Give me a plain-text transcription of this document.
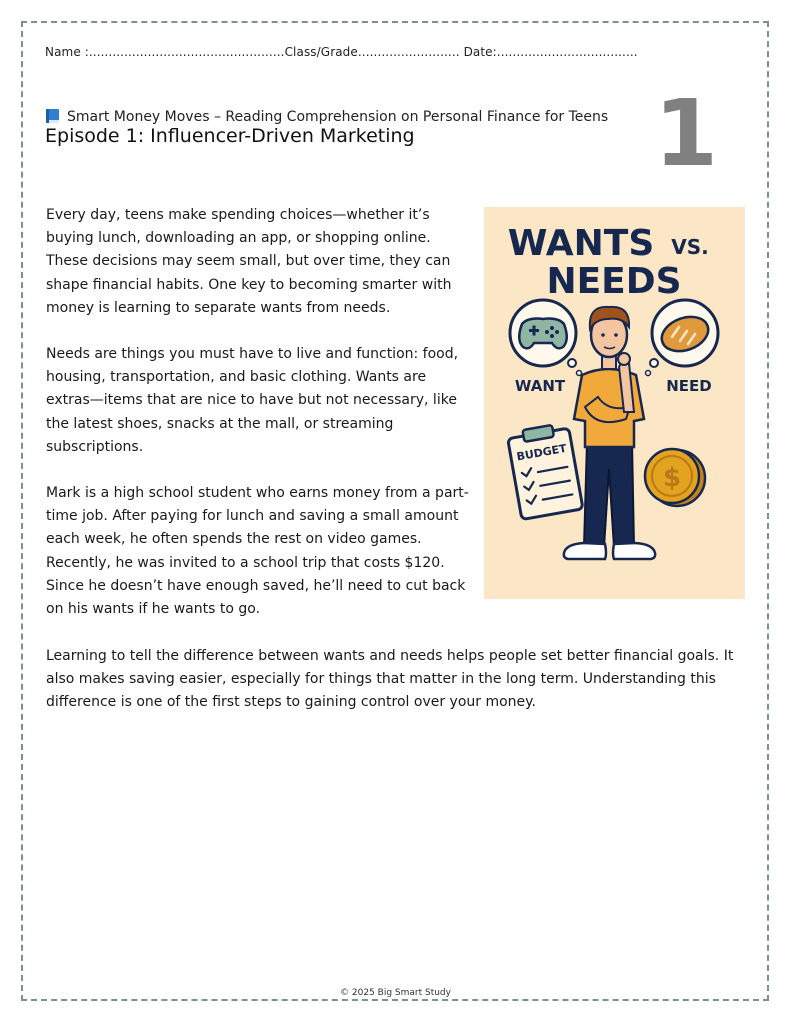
Name :..................................................Class/Grade.......................... Date:....................................
Smart Money Moves – Reading Comprehension on Personal Finance for Teens
Episode 1: Influencer-Driven Marketing	1
Every day, teens make spending choices—whether it’s buying lunch, downloading an app, or shopping online. These decisions may seem small, but over time, they can shape financial habits. One key to becoming smarter with money is learning to separate wants from needs.
Needs are things you must have to live and function: food, housing, transportation, and basic clothing. Wants are extras—items that are nice to have but not necessary, like the latest shoes, snacks at the mall, or streaming subscriptions.
Mark is a high school student who earns money from a part-time job. After paying for lunch and saving a small amount each week, he often spends the rest on video games. Recently, he was invited to a school trip that costs $120. Since he doesn’t have enough saved, he’ll need to cut back on his wants if he wants to go.
Learning to tell the difference between wants and needs helps people set better financial goals. It also makes saving easier, especially for things that matter in the long term. Understanding this difference is one of the first steps to gaining control over your money.
WANTS VS.
NEEDS
WANT	NEED
BUDGET
$
© 2025 Big Smart Study
